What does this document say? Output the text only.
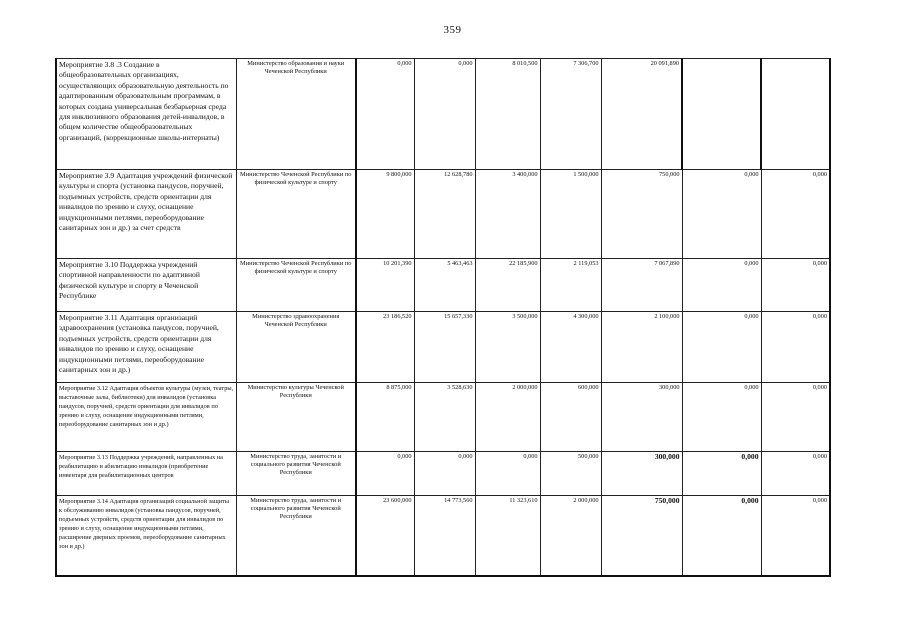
359
Мероприятие 3.8 .3 Создание в общеобразовательных организациях, осуществляющих образовательную деятельность по адаптированным образовательным программам, в которых создана универсальная безбарьерная среда для инклюзивного образования детей-инвалидов, в общем количестве общеобразовательных организаций, (коррекционные школы-интернаты)	Министерство образования и науки Чеченской Республики	0,000	0,000	8 010,500	7 306,700	20 091,890		
Мероприятие 3.9 Адаптация учреждений физической культуры и спорта (установка пандусов, поручней, подъемных устройств, средств ориентации для инвалидов по зрению и слуху, оснащение индукционными петлями, переоборудование санитарных зон и др.) за счет средств	Министерство Чеченской Республики по физической культуре и спорту	9 800,000	12 628,780	3 400,000	1 500,000	750,000	0,000	0,000
Мероприятие 3.10 Поддержка учреждений спортивной направленности по адаптивной физической культуре и спорту в Чеченской Республике	Министерство Чеченской Республики по физической культуре и спорту	10 201,390	5 463,463	22 185,900	2 119,053	7 067,890	0,000	0,000
Мероприятие 3.11 Адаптация организаций здравоохранения (установка пандусов, поручней, подъемных устройств, средств ориентации для инвалидов по зрению и слуху, оснащение индукционными петлями, переоборудование санитарных зон и др.)	Министерство здравоохранения Чеченской Республики	23 186,520	15 657,330	3 500,000	4 300,000	2 100,000	0,000	0,000
Мероприятие 3.12 Адаптация объектов культуры (музеи, театры, выставочные залы, библиотеки) для инвалидов (установка пандусов, поручней, средств ориентации для инвалидов по зрению и слуху, оснащение индукционными петлями, переоборудование санитарных зон и др.)	Министерство культуры Чеченской Республики	8 875,000	3 528,630	2 000,000	600,000	300,000	0,000	0,000
Мероприятие 3.13 Поддержка учреждений, направленных на реабилитацию и абилитацию инвалидов (приобретение инвентаря для реабилитационных центров	Министерство труда, занятости и социального развития Чеченской Республики	0,000	0,000	0,000	500,000	300,000	0,000	0,000
Мероприятие 3.14 Адаптация организаций социальной защиты к обслуживанию инвалидов (установка пандусов, поручней, подъемных устройств, средств ориентации для инвалидов по зрению и слуху, оснащение индукционными петлями, расширение дверных проемов, переоборудование санитарных зон и др.)	Министерство труда, занятости и социального развития Чеченской Республики	23 600,000	14 773,560	11 323,610	2 000,000	750,000	0,000	0,000
